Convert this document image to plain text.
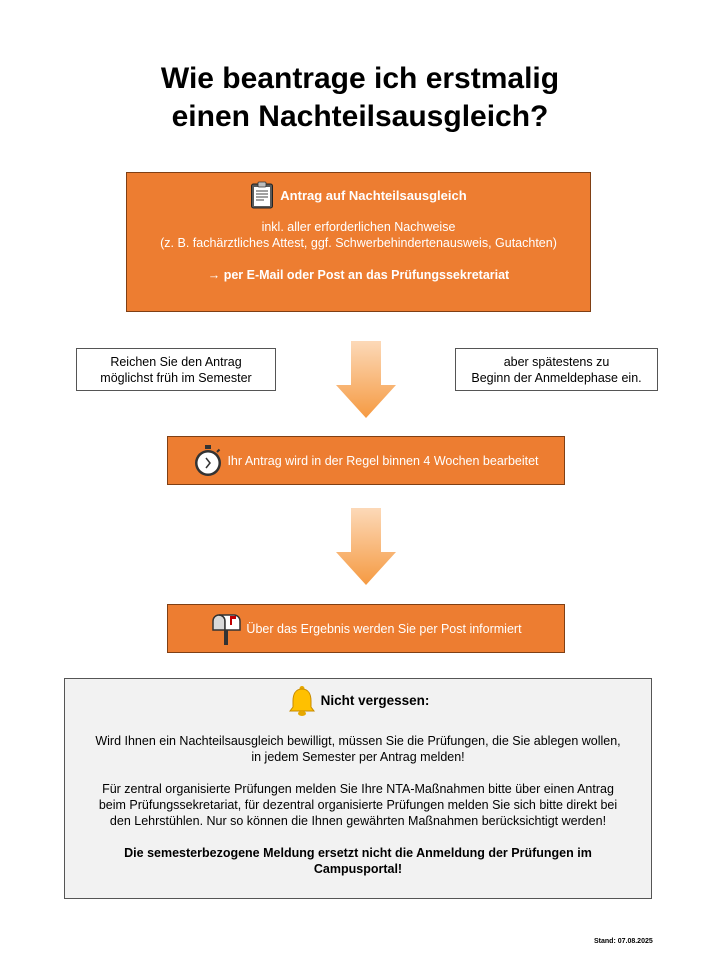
Wie beantrage ich erstmalig
einen Nachteilsausgleich?
Antrag auf Nachteilsausgleich
inkl. aller erforderlichen Nachweise
(z. B. fachärztliches Attest, ggf. Schwerbehindertenausweis, Gutachten)
→ per E-Mail oder Post an das Prüfungssekretariat
Reichen Sie den Antrag
möglichst früh im Semester
aber spätestens zu
Beginn der Anmeldephase ein.
Ihr Antrag wird in der Regel binnen 4 Wochen bearbeitet
Über das Ergebnis werden Sie per Post informiert
Nicht vergessen:
Wird Ihnen ein Nachteilsausgleich bewilligt, müssen Sie die Prüfungen, die Sie ablegen wollen,
in jedem Semester per Antrag melden!
Für zentral organisierte Prüfungen melden Sie Ihre NTA-Maßnahmen bitte über einen Antrag
beim Prüfungssekretariat, für dezentral organisierte Prüfungen melden Sie sich bitte direkt bei
den Lehrstühlen. Nur so können die Ihnen gewährten Maßnahmen berücksichtigt werden!
Die semesterbezogene Meldung ersetzt nicht die Anmeldung der Prüfungen im
Campusportal!
Stand: 07.08.2025
